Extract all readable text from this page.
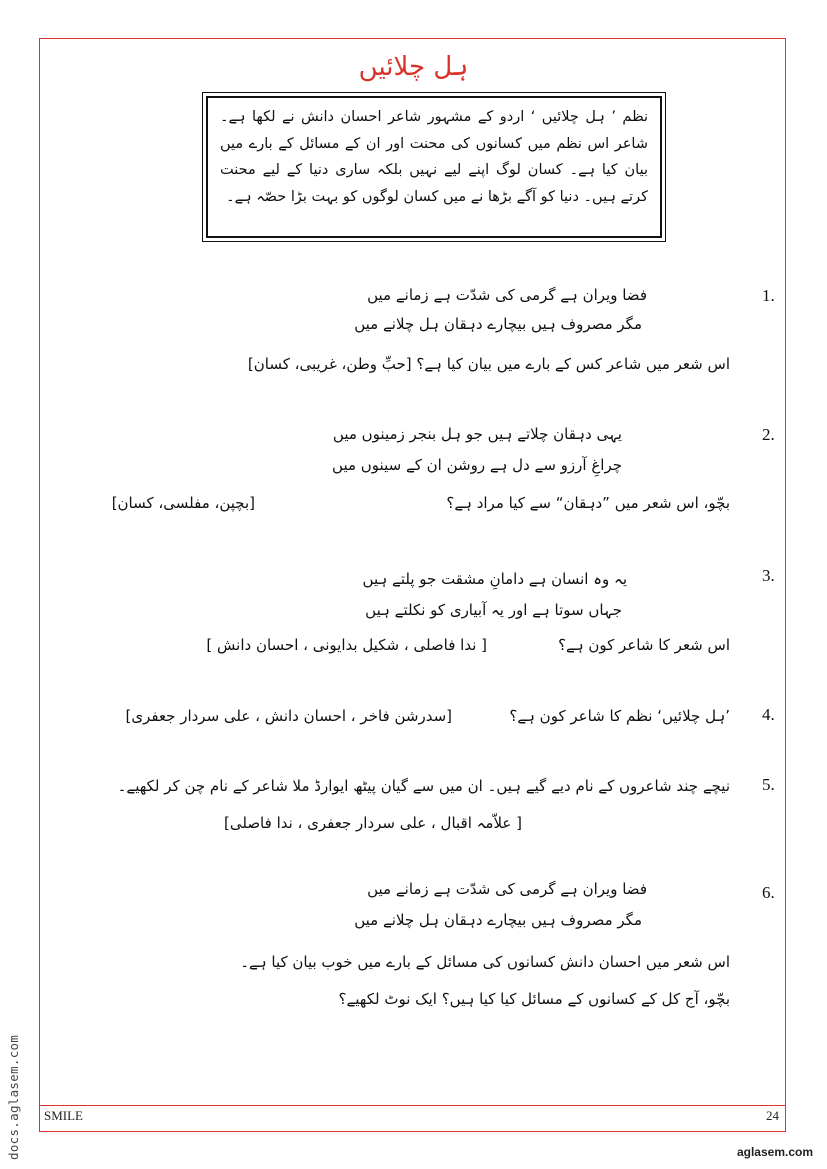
ہل چلائیں
نظم ’ ہل چلائیں ‘ اردو کے مشہور شاعر احسان دانش نے لکھا ہے۔ شاعر اس نظم میں کسانوں کی محنت اور ان کے مسائل کے بارے میں بیان کیا ہے۔ کسان لوگ اپنے لیے نہیں بلکہ ساری دنیا کے لیے محنت کرتے ہیں۔ دنیا کو آگے بڑھا نے میں کسان لوگوں کو بہت بڑا حصّہ ہے۔
1.
فضا ویران ہے گرمی کی شدّت ہے زمانے میں
مگر مصروف ہیں بیچارے دہقان ہل چلانے میں
اس شعر میں شاعر کس کے بارے میں بیان کیا ہے؟ [حبِّ وطن، غریبی، کسان]
2.
یہی دہقان چلاتے ہیں جو ہل بنجر زمینوں میں
چراغِ آرزو سے دل ہے روشن ان کے سینوں میں
بچّو، اس شعر میں ”دہقان“ سے کیا مراد ہے؟
[بچپن، مفلسی، کسان]
3.
یہ وہ انسان ہے دامانِ مشقت جو پلتے ہیں
جہاں سوتا ہے اور یہ آبیاری کو نکلتے ہیں
اس شعر کا شاعر کون ہے؟
[ ندا فاصلی ، شکیل بدایونی ، احسان دانش ]
4.
’ہل چلائیں‘ نظم کا شاعر کون ہے؟
[سدرشن فاخر ، احسان دانش ، علی سردار جعفری]
5.
نیچے چند شاعروں کے نام دیے گیے ہیں۔ ان میں سے گیان پیٹھ ایوارڈ ملا شاعر کے نام چن کر لکھیے۔
[ علاّمہ اقبال ، علی سردار جعفری ، ندا فاصلی]
6.
فضا ویران ہے گرمی کی شدّت ہے زمانے میں
مگر مصروف ہیں بیچارے دہقان ہل چلانے میں
اس شعر میں احسان دانش کسانوں کی مسائل کے بارے میں خوب بیان کیا ہے۔
بچّو، آج کل کے کسانوں کے مسائل کیا کیا ہیں؟ ایک نوٹ لکھیے؟
SMILE	24
docs.aglasem.com	aglasem.com
